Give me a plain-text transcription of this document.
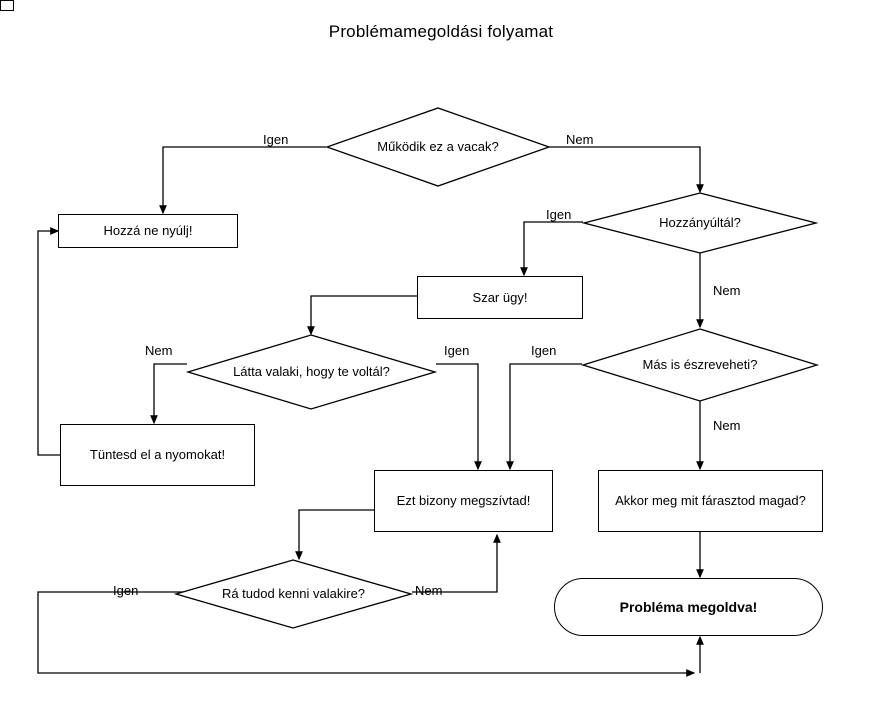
Problémamegoldási folyamat
Működik ez a vacak?
Hozzá ne nyúlj!
Hozzányúltál?
Szar ügy!
Látta valaki, hogy te voltál?	Más is észreveheti?
Tüntesd el a nyomokat!
Ezt bizony megszívtad!	Akkor meg mit fárasztod magad?
Rá tudod kenni valakire?
Probléma megoldva!
Igen	Nem
Igen
Nem
Nem	Igen	Igen
Nem
Igen	Nem
